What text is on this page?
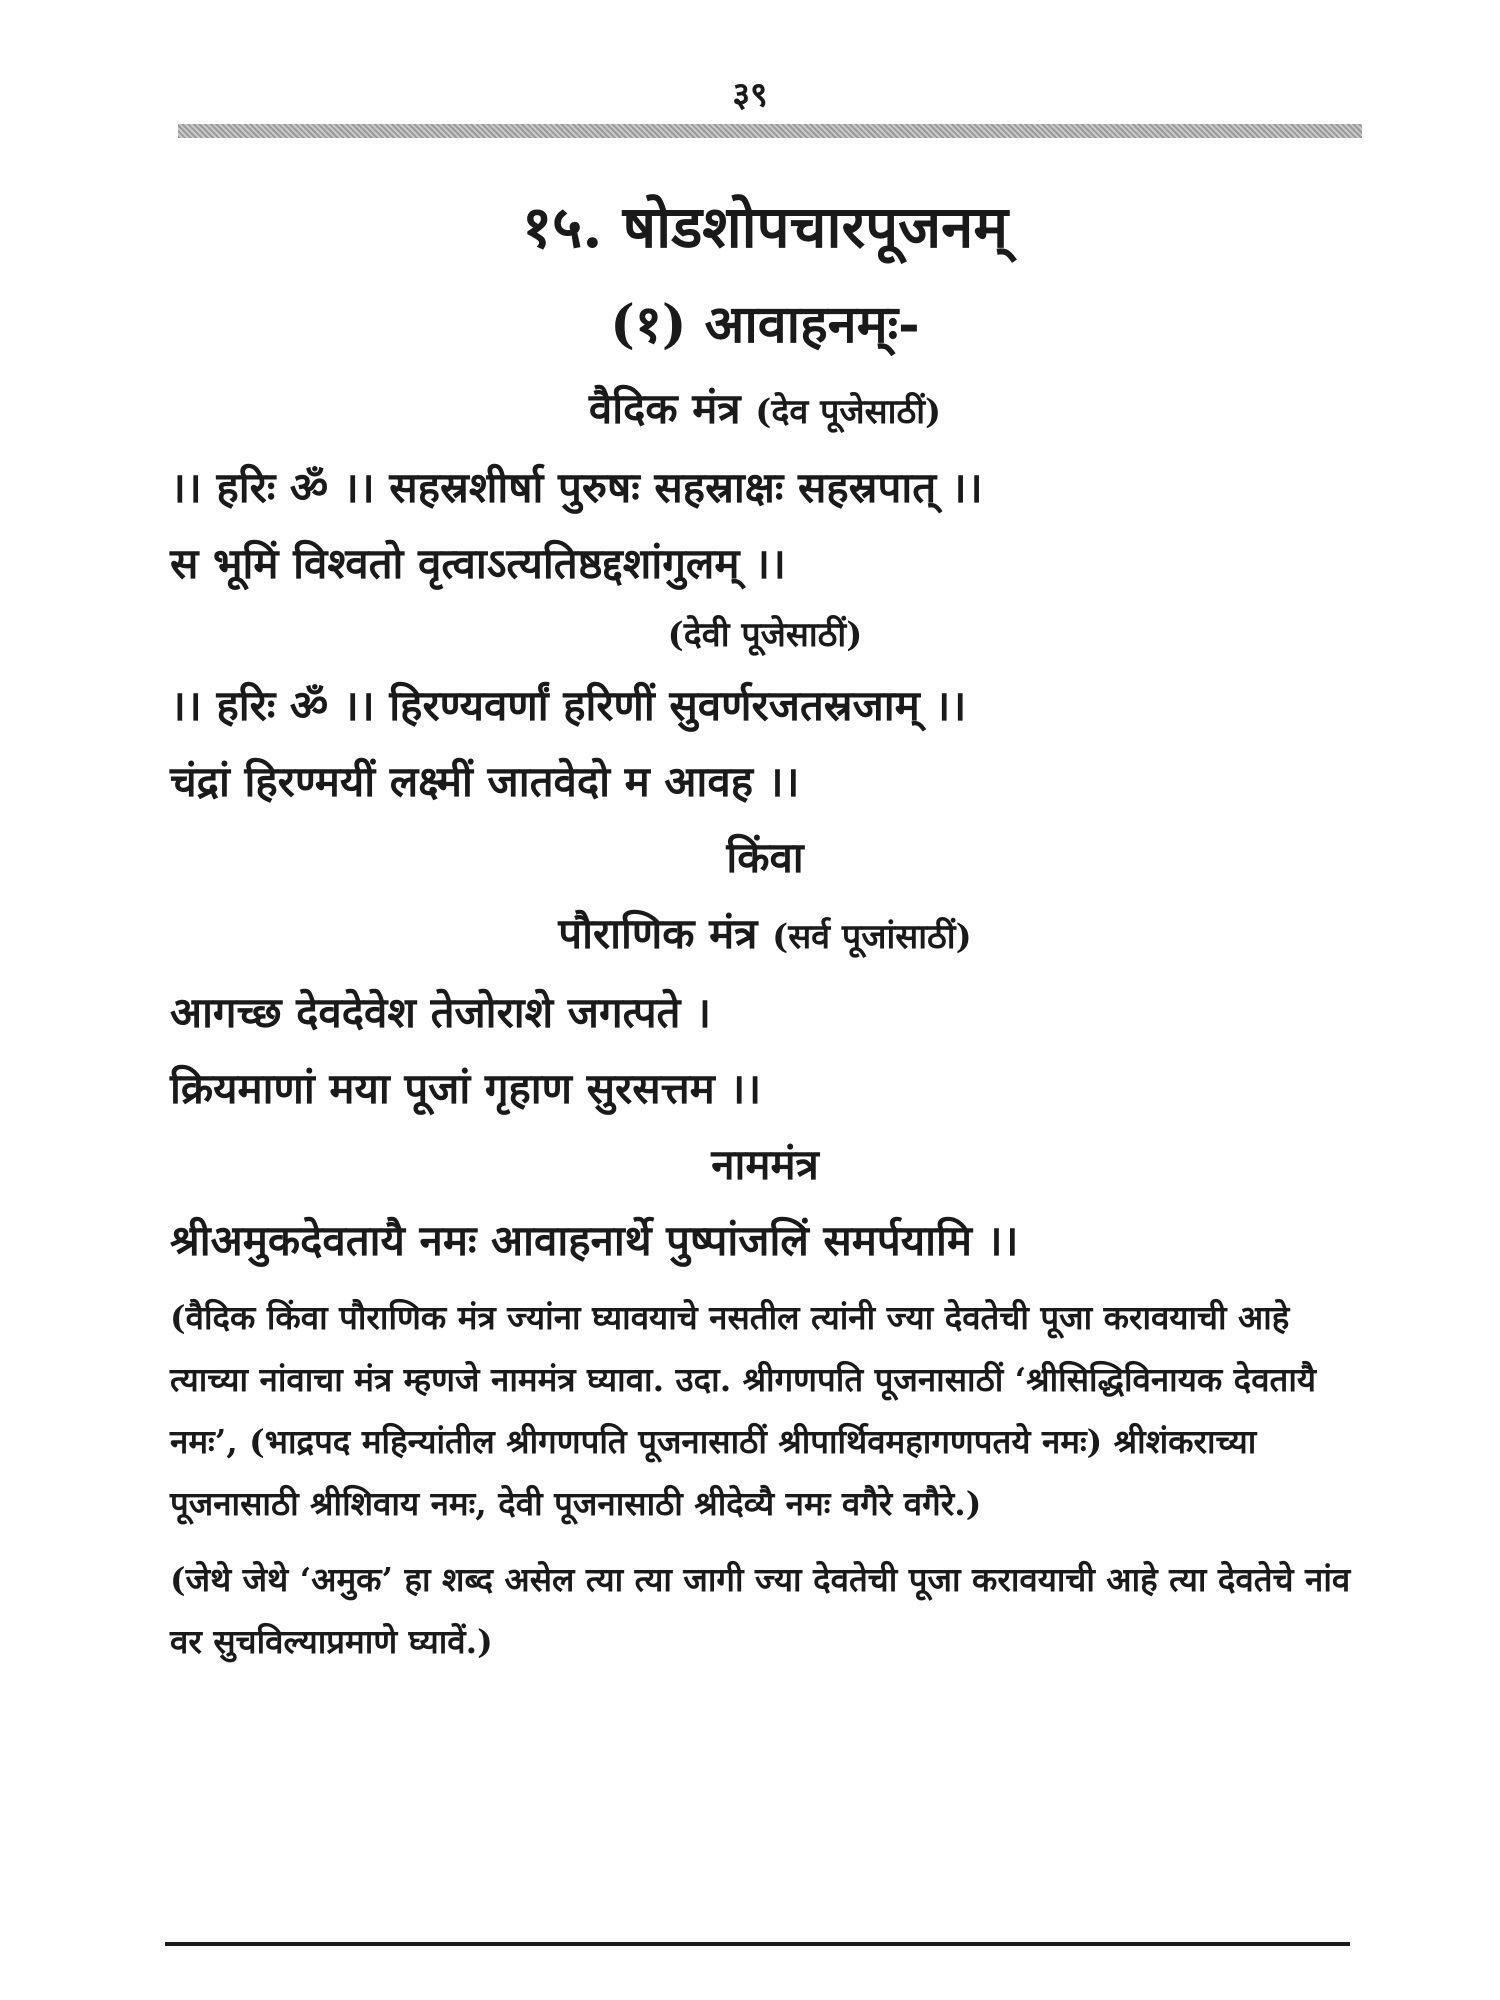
३९
१५. षोडशोपचारपूजनम्
(१) आवाहनम्ः-
वैदिक मंत्र (देव पूजेसाठीं)
।। हरिः ॐ ।। सहस्रशीर्षा पुरुषः सहस्राक्षः सहस्रपात् ।।
स भूमिं विश्वतो वृत्वाऽत्यतिष्ठद्दशांगुलम् ।।
(देवी पूजेसाठीं)
।। हरिः ॐ ।। हिरण्यवर्णां हरिणीं सुवर्णरजतस्रजाम् ।।
चंद्रां हिरण्मयीं लक्ष्मीं जातवेदो म आवह ।।
किंवा
पौराणिक मंत्र (सर्व पूजांसाठीं)
आगच्छ देवदेवेश तेजोराशे जगत्पते ।
क्रियमाणां मया पूजां गृहाण सुरसत्तम ।।
नाममंत्र
श्रीअमुकदेवतायै नमः आवाहनार्थे पुष्पांजलिं समर्पयामि ।।
(वैदिक किंवा पौराणिक मंत्र ज्यांना घ्यावयाचे नसतील त्यांनी ज्या देवतेची पूजा करावयाची आहे त्याच्या नांवाचा मंत्र म्हणजे नाममंत्र घ्यावा. उदा. श्रीगणपति पूजनासाठीं ‘श्रीसिद्धिविनायक देवतायै नमः’, (भाद्रपद महिन्यांतील श्रीगणपति पूजनासाठीं श्रीपार्थिवमहागणपतये नमः) श्रीशंकराच्या पूजनासाठी श्रीशिवाय नमः, देवी पूजनासाठी श्रीदेव्यै नमः वगैरे वगैरे.)
(जेथे जेथे ‘अमुक’ हा शब्द असेल त्या त्या जागी ज्या देवतेची पूजा करावयाची आहे त्या देवतेचे नांव वर सुचविल्याप्रमाणे घ्यावें.)
